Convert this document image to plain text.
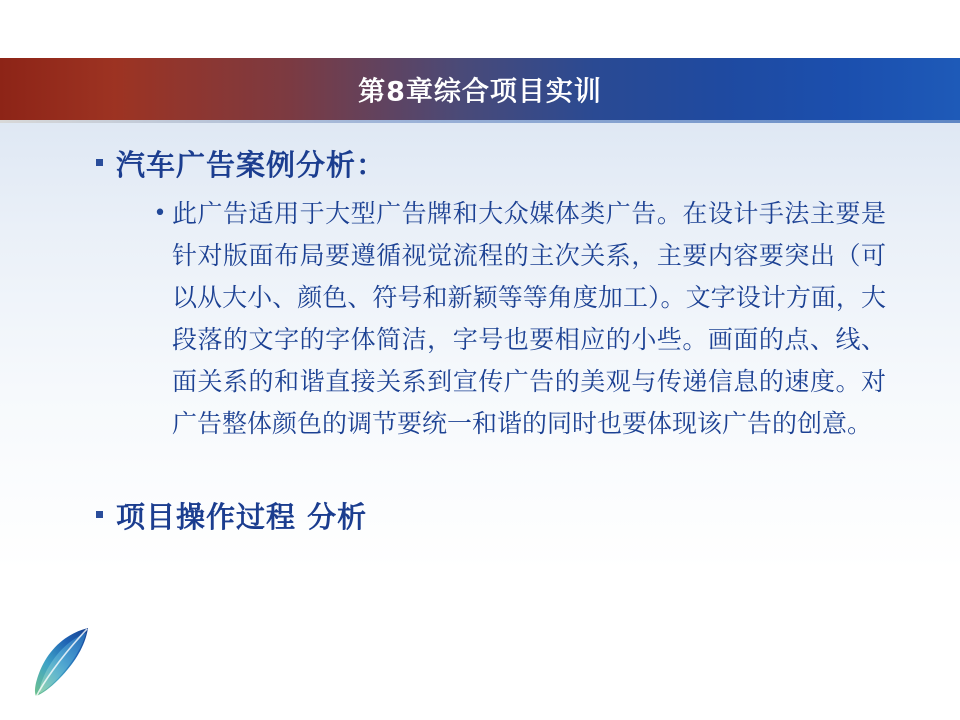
第8章综合项目实训
汽车广告案例分析：
• 此广告适用于大型广告牌和大众媒体类广告。在设计手法主要是针对版面布局要遵循视觉流程的主次关系，主要内容要突出（可以从大小、颜色、符号和新颖等等角度加工）。文字设计方面，大段落的文字的字体简洁，字号也要相应的小些。画面的点、线、面关系的和谐直接关系到宣传广告的美观与传递信息的速度。对广告整体颜色的调节要统一和谐的同时也要体现该广告的创意。
项目操作过程 分析
